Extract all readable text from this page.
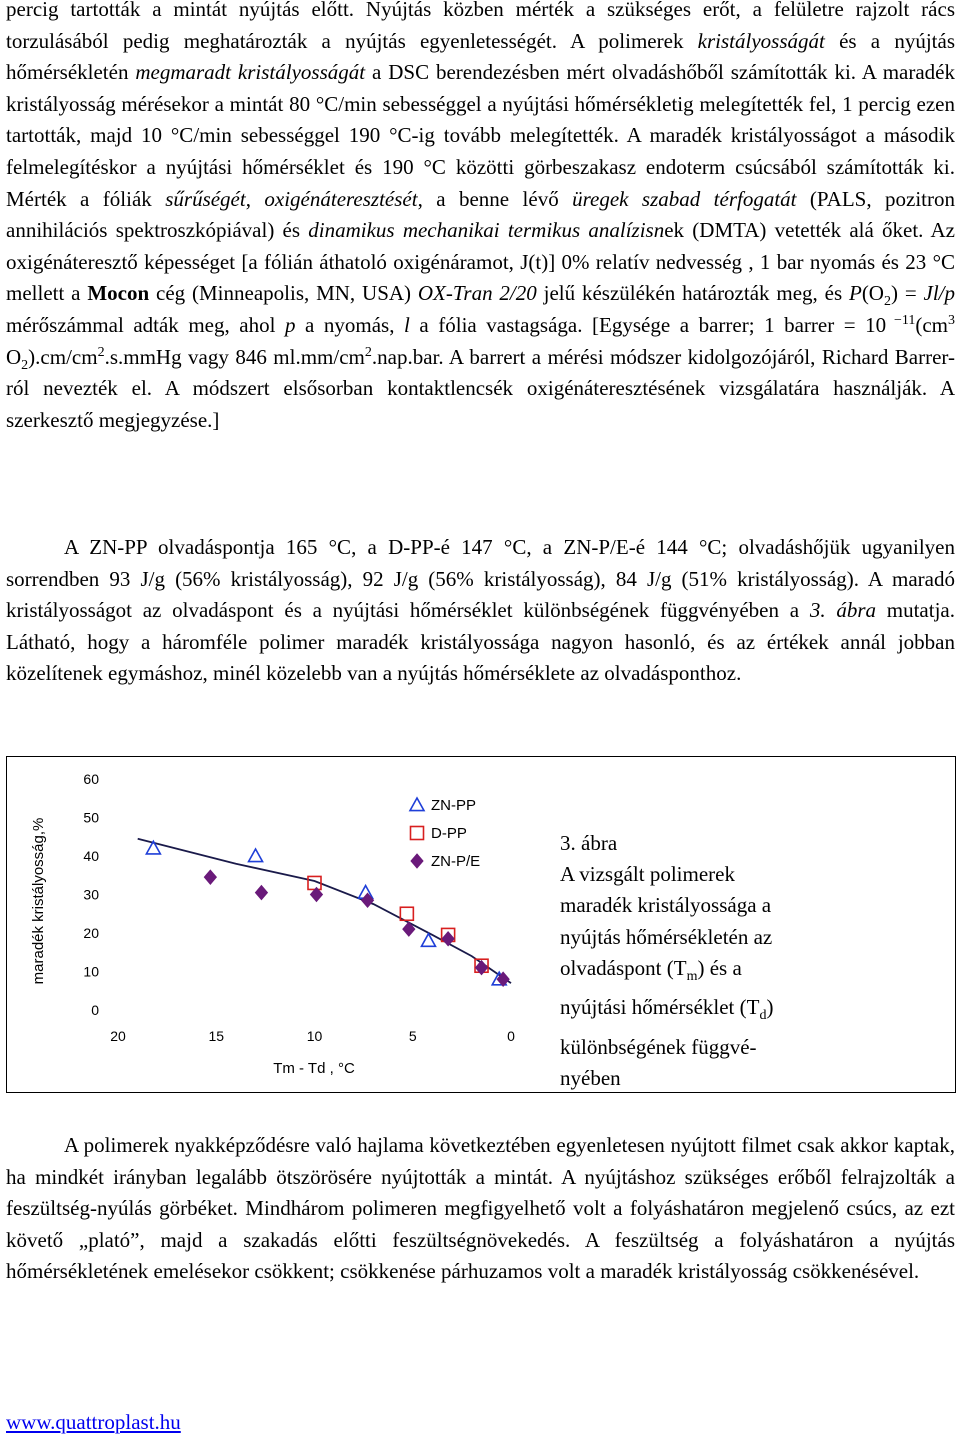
percig tartották a mintát nyújtás előtt. Nyújtás közben mérték a szükséges erőt, a felületre rajzolt rács torzulásából pedig meghatározták a nyújtás egyenletességét. A polimerek kristályosságát és a nyújtás hőmérsékletén megmaradt kristályosságát a DSC berendezésben mért olvadáshőből számították ki. A maradék kristályosság mérésekor a mintát 80 °C/min sebességgel a nyújtási hőmérsékletig melegítették fel, 1 percig ezen tartották, majd 10 °C/min sebességgel 190 °C-ig tovább melegítették. A maradék kristályosságot a második felmelegítéskor a nyújtási hőmérséklet és 190 °C közötti görbeszakasz endoterm csúcsából számították ki. Mérték a fóliák sűrűségét, oxigénáteresztését, a benne lévő üregek szabad térfogatát (PALS, pozitron annihilációs spektroszkópiával) és dinamikus mechanikai termikus analízisnek (DMTA) vetették alá őket. Az oxigénáteresztő képességet [a fólián áthatoló oxigénáramot, J(t)] 0% relatív nedvesség , 1 bar nyomás és 23 °C mellett a Mocon cég (Minneapolis, MN, USA) OX-Tran 2/20 jelű készülékén határozták meg, és $P(O_2) = Jl/p$ mérőszámmal adták meg, ahol p a nyomás, l a fólia vastagsága. [Egysége a barrer; 1 barrer = 10 $^{-11}(cm^3$ $O_2).cm/cm^2.s.mmHg$ vagy 846 $ml.mm/cm^2.nap.bar$. A barrert a mérési módszer kidolgozójáról, Richard Barrer-ról nevezték el. A módszert elsősorban kontaktlencsék oxigénáteresztésének vizsgálatára használják. A szerkesztő megjegyzése.]

0
10
20
30
40
50
60
20	15	10	5	0
Tm - Td , °C
maradék kristályosság,%
ZN-PP
D-PP
ZN-P/E
3. ábra
A vizsgált polimerek
maradék kristályossága a
nyújtás hőmérsékletén az
olvadáspont $(T_m)$ és a
nyújtási hőmérséklet $(T_d)$
különbségének függvé-
nyében

A ZN-PP olvadáspontja 165 °C, a D-PP-é 147 °C, a ZN-P/E-é 144 °C; olvadáshőjük ugyanilyen sorrendben 93 J/g (56% kristályosság), 92 J/g (56% kristályosság), 84 J/g (51% kristályosság). A maradó kristályosságot az olvadáspont és a nyújtási hőmérséklet különbségének függvényében a 3. ábra mutatja. Látható, hogy a háromféle polimer maradék kristályossága nagyon hasonló, és az értékek annál jobban közelítenek egymáshoz, minél közelebb van a nyújtás hőmérséklete az olvadásponthoz.

A polimerek nyakképződésre való hajlama következtében egyenletesen nyújtott filmet csak akkor kaptak, ha mindkét irányban legalább ötszörösére nyújtották a mintát. A nyújtáshoz szükséges erőből felrajzolták a feszültség-nyúlás görbéket. Mindhárom polimeren megfigyelhető volt a folyáshatáron megjelenő csúcs, az ezt követő „plató”, majd a szakadás előtti feszültségnövekedés. A feszültség a folyáshatáron a nyújtás hőmérsékletének emelésekor csökkent; csökkenése párhuzamos volt a maradék kristályosság csökkenésével.

www.quattroplast.hu
